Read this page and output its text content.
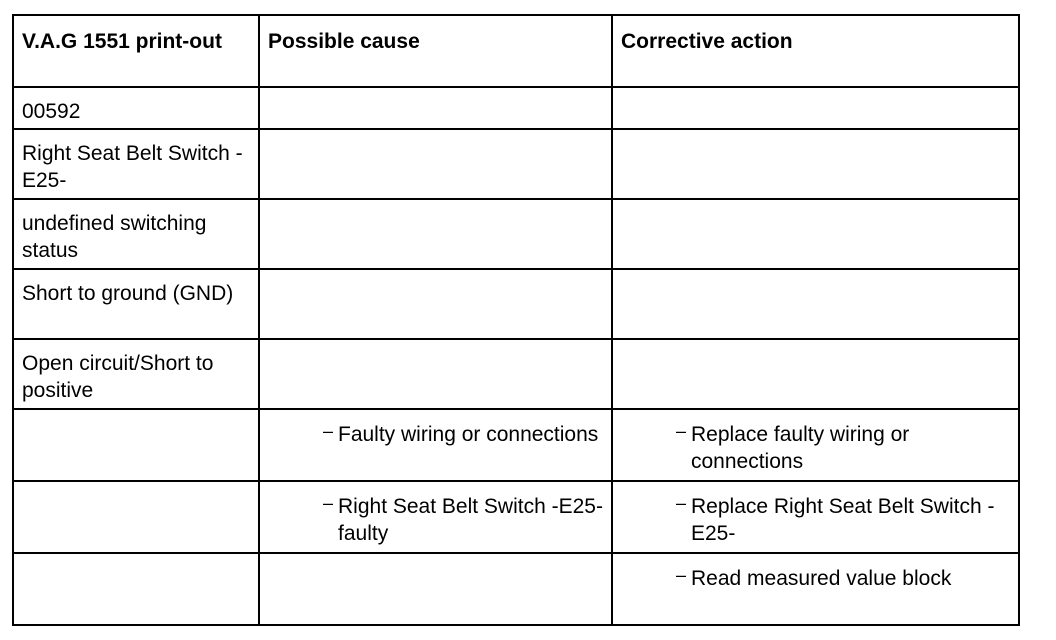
V.A.G 1551 print-out	Possible cause	Corrective action
00592		
Right Seat Belt Switch -E25-		
undefined switching status		
Short to ground (GND)		
Open circuit/Short to positive		

	– Faulty wiring or connections	– Replace faulty wiring or connections

	– Right Seat Belt Switch -E25- faulty	– Replace Right Seat Belt Switch -E25-

		– Read measured value block
